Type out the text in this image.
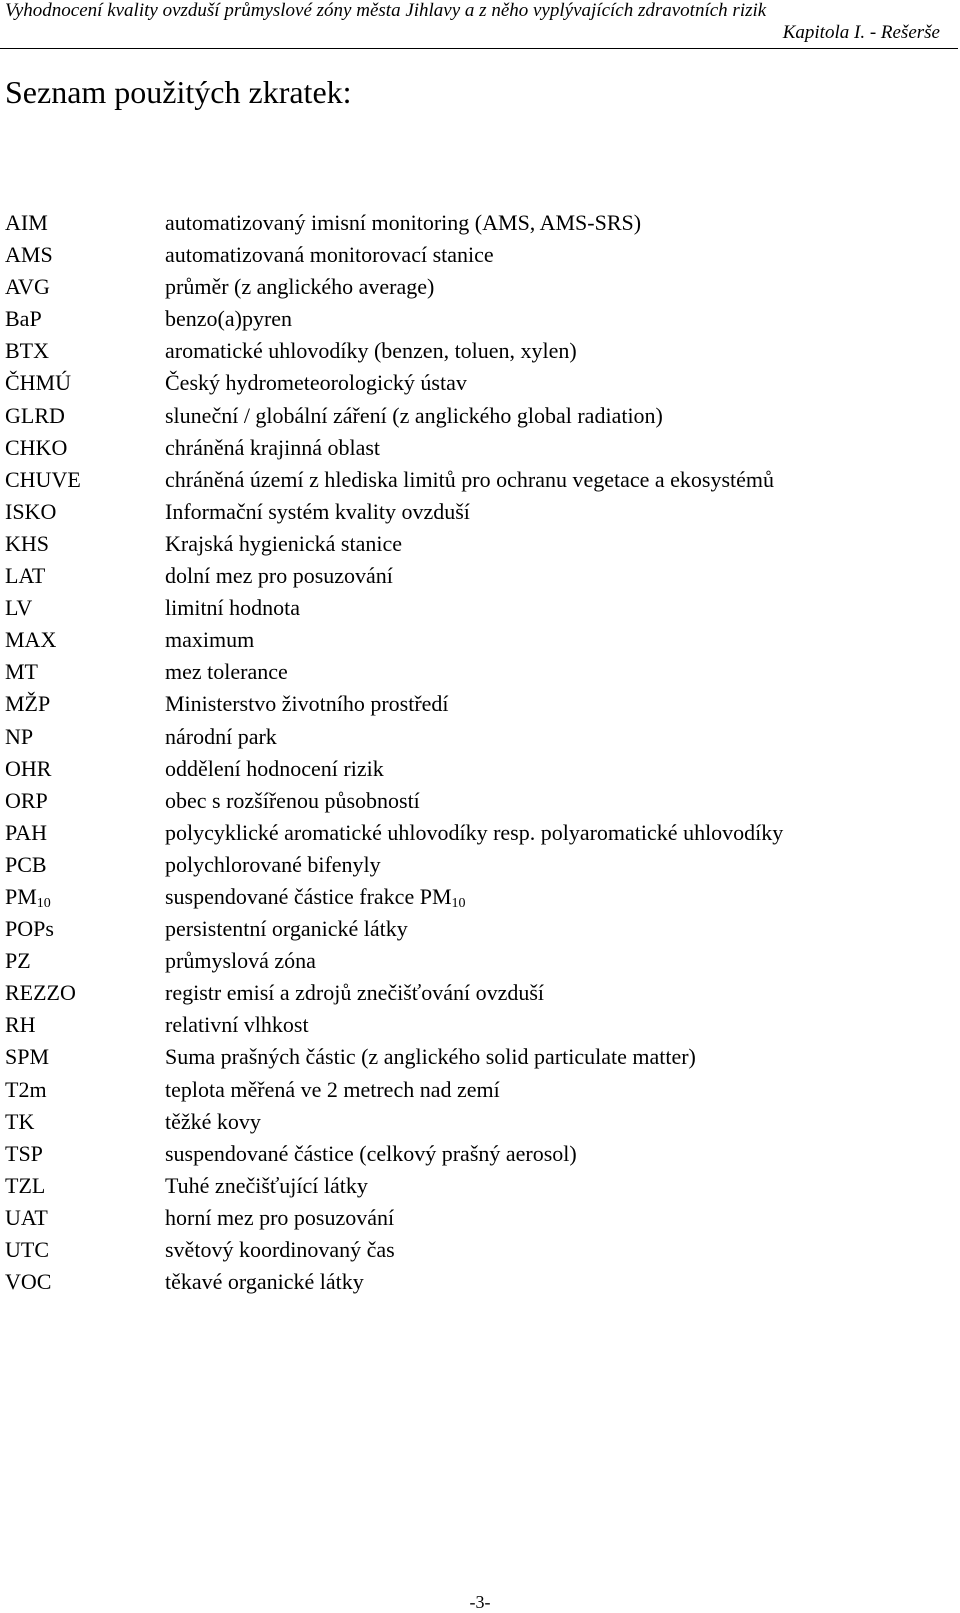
Vyhodnocení kvality ovzduší průmyslové zóny města Jihlavy a z něho vyplývajících zdravotních rizik
Kapitola I. - Rešerše
Seznam použitých zkratek:
AIM	automatizovaný imisní monitoring (AMS, AMS-SRS)
AMS	automatizovaná monitorovací stanice
AVG	průměr (z anglického average)
BaP	benzo(a)pyren
BTX	aromatické uhlovodíky (benzen, toluen, xylen)
ČHMÚ	Český hydrometeorologický ústav
GLRD	sluneční / globální záření (z anglického global radiation)
CHKO	chráněná krajinná oblast
CHUVE	chráněná území z hlediska limitů pro ochranu vegetace a ekosystémů
ISKO	Informační systém kvality ovzduší
KHS	Krajská hygienická stanice
LAT	dolní mez pro posuzování
LV	limitní hodnota
MAX	maximum
MT	mez tolerance
MŽP	Ministerstvo životního prostředí
NP	národní park
OHR	oddělení hodnocení rizik
ORP	obec s rozšířenou působností
PAH	polycyklické aromatické uhlovodíky resp. polyaromatické uhlovodíky
PCB	polychlorované bifenyly
$PM_{10}$	suspendované částice frakce $PM_{10}$
POPs	persistentní organické látky
PZ	průmyslová zóna
REZZO	registr emisí a zdrojů znečišťování ovzduší
RH	relativní vlhkost
SPM	Suma prašných částic (z anglického solid particulate matter)
T2m	teplota měřená ve 2 metrech nad zemí
TK	těžké kovy
TSP	suspendované částice (celkový prašný aerosol)
TZL	Tuhé znečišťující látky
UAT	horní mez pro posuzování
UTC	světový koordinovaný čas
VOC	těkavé organické látky
-3-
